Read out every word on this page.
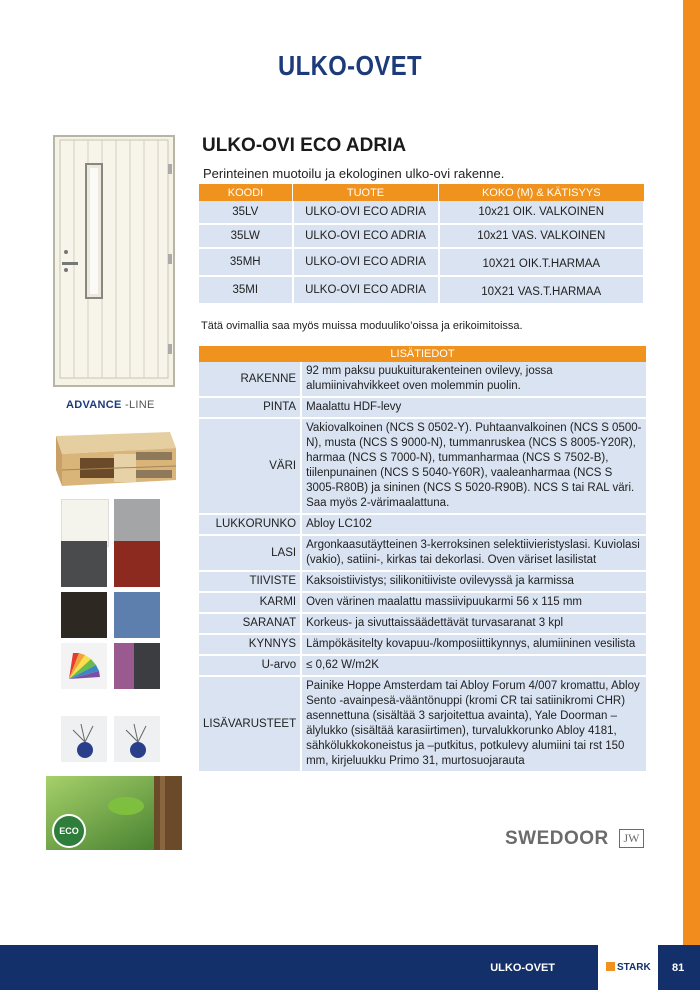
ULKO-OVET
ADVANCE -LINE
ECO
ULKO-OVI ECO ADRIA
Perinteinen muotoilu ja ekologinen ulko-ovi rakenne.
KOODI	TUOTE	KOKO (M) & KÄTISYYS
35LV	ULKO-OVI ECO ADRIA	10x21 OIK. VALKOINEN
35LW	ULKO-OVI ECO ADRIA	10x21 VAS. VALKOINEN
35MH	ULKO-OVI ECO ADRIA	10X21 OIK.T.HARMAA
35MI	ULKO-OVI ECO ADRIA	10X21 VAS.T.HARMAA
Tätä ovimallia saa myös muissa moduuliko’oissa ja erikoimitoissa.
LISÄTIEDOT	
RAKENNE	92 mm paksu puukuiturakenteinen ovilevy, jossa alumiinivahvikkeet oven molemmin puolin.
PINTA	Maalattu HDF-levy
VÄRI	Vakiovalkoinen (NCS S 0502-Y). Puhtaanvalkoinen (NCS S 0500-N), musta (NCS S 9000-N), tummanruskea (NCS S 8005-Y20R), harmaa (NCS S 7000-N), tummanharmaa (NCS S 7502-B), tiilenpunainen (NCS S 5040-Y60R), vaaleanharmaa (NCS S 3005-R80B) ja sininen (NCS S 5020-R90B). NCS S tai RAL väri. Saa myös 2-värimaalattuna.
LUKKORUNKO	Abloy LC102
LASI	Argonkaasutäytteinen 3-kerroksinen selektiivieristyslasi. Kuviolasi (vakio), satiini-, kirkas tai dekorlasi. Oven väriset lasilistat
TIIVISTE	Kaksoistiivistys; silikonitiiviste ovilevyssä ja karmissa
KARMI	Oven värinen maalattu massiivipuukarmi 56 x 115 mm
SARANAT	Korkeus- ja sivuttaissäädettävät turvasaranat 3 kpl
KYNNYS	Lämpökäsitelty kovapuu-/komposiittikynnys, alumiininen vesilista
U-arvo	≤ 0,62 W/m2K
LISÄVARUSTEET	Painike Hoppe Amsterdam tai Abloy Forum 4/007 kromattu, Abloy Sento -avainpesä-vääntönuppi (kromi CR tai satiinikromi CHR) asennettuna (sisältää 3 sarjoitettua avainta), Yale Doorman –älylukko (sisältää karasiirtimen), turvalukkorunko Abloy 4181, sähkölukkokoneistus ja –putkitus, potkulevy alumiini tai rst 150 mm, kirjeluukku Primo 31, murtosuojarauta
SWEDOOR	JW
ULKO-OVET	STARK 81
